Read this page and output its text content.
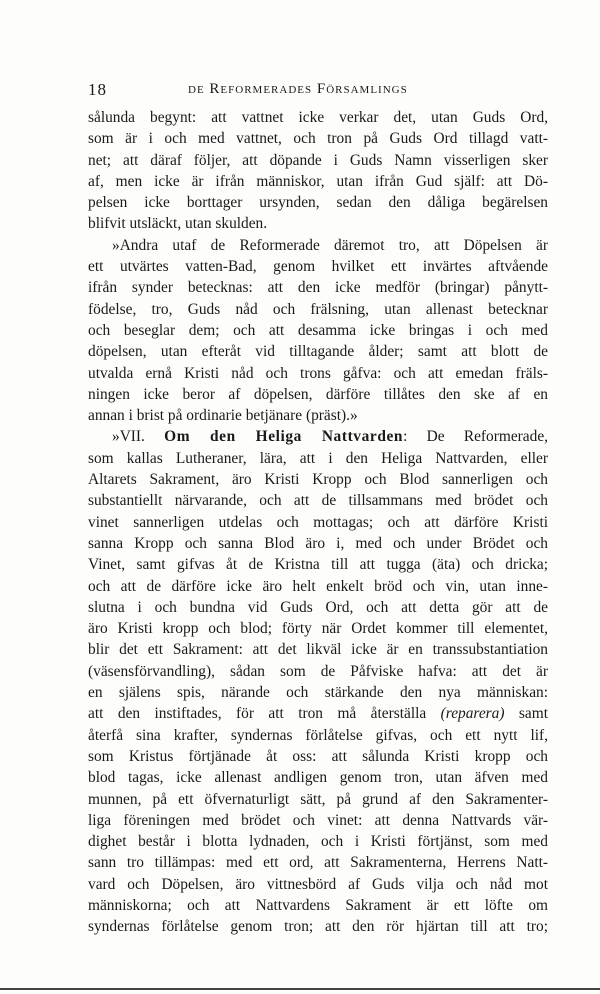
18	de Reformerades Församlings
sålunda begynt: att vattnet icke verkar det, utan Guds Ord,
som är i och med vattnet, och tron på Guds Ord tillagd vatt-
net; att däraf följer, att döpande i Guds Namn visserligen sker
af, men icke är ifrån människor, utan ifrån Gud själf: att Dö-
pelsen icke borttager ursynden, sedan den dåliga begärelsen
blifvit utsläckt, utan skulden.
»Andra utaf de Reformerade däremot tro, att Döpelsen är
ett utvärtes vatten-Bad, genom hvilket ett invärtes aftvående
ifrån synder betecknas: att den icke medför (bringar) pånytt-
födelse, tro, Guds nåd och frälsning, utan allenast betecknar
och beseglar dem; och att desamma icke bringas i och med
döpelsen, utan efteråt vid tilltagande ålder; samt att blott de
utvalda ernå Kristi nåd och trons gåfva: och att emedan fräls-
ningen icke beror af döpelsen, därföre tillåtes den ske af en
annan i brist på ordinarie betjänare (präst).»
»VII. Om den Heliga Nattvarden: De Reformerade,
som kallas Lutheraner, lära, att i den Heliga Nattvarden, eller
Altarets Sakrament, äro Kristi Kropp och Blod sannerligen och
substantiellt närvarande, och att de tillsammans med brödet och
vinet sannerligen utdelas och mottagas; och att därföre Kristi
sanna Kropp och sanna Blod äro i, med och under Brödet och
Vinet, samt gifvas åt de Kristna till att tugga (äta) och dricka;
och att de därföre icke äro helt enkelt bröd och vin, utan inne-
slutna i och bundna vid Guds Ord, och att detta gör att de
äro Kristi kropp och blod; förty när Ordet kommer till elementet,
blir det ett Sakrament: att det likväl icke är en transsubstantiation
(väsensförvandling), sådan som de Påfviske hafva: att det är
en själens spis, närande och stärkande den nya människan:
att den instiftades, för att tron må återställa (reparera) samt
återfå sina krafter, syndernas förlåtelse gifvas, och ett nytt lif,
som Kristus förtjänade åt oss: att sålunda Kristi kropp och
blod tagas, icke allenast andligen genom tron, utan äfven med
munnen, på ett öfvernaturligt sätt, på grund af den Sakramenter-
liga föreningen med brödet och vinet: att denna Nattvards vär-
dighet består i blotta lydnaden, och i Kristi förtjänst, som med
sann tro tillämpas: med ett ord, att Sakramenterna, Herrens Natt-
vard och Döpelsen, äro vittnesbörd af Guds vilja och nåd mot
människorna; och att Nattvardens Sakrament är ett löfte om
syndernas förlåtelse genom tron; att den rör hjärtan till att tro;
